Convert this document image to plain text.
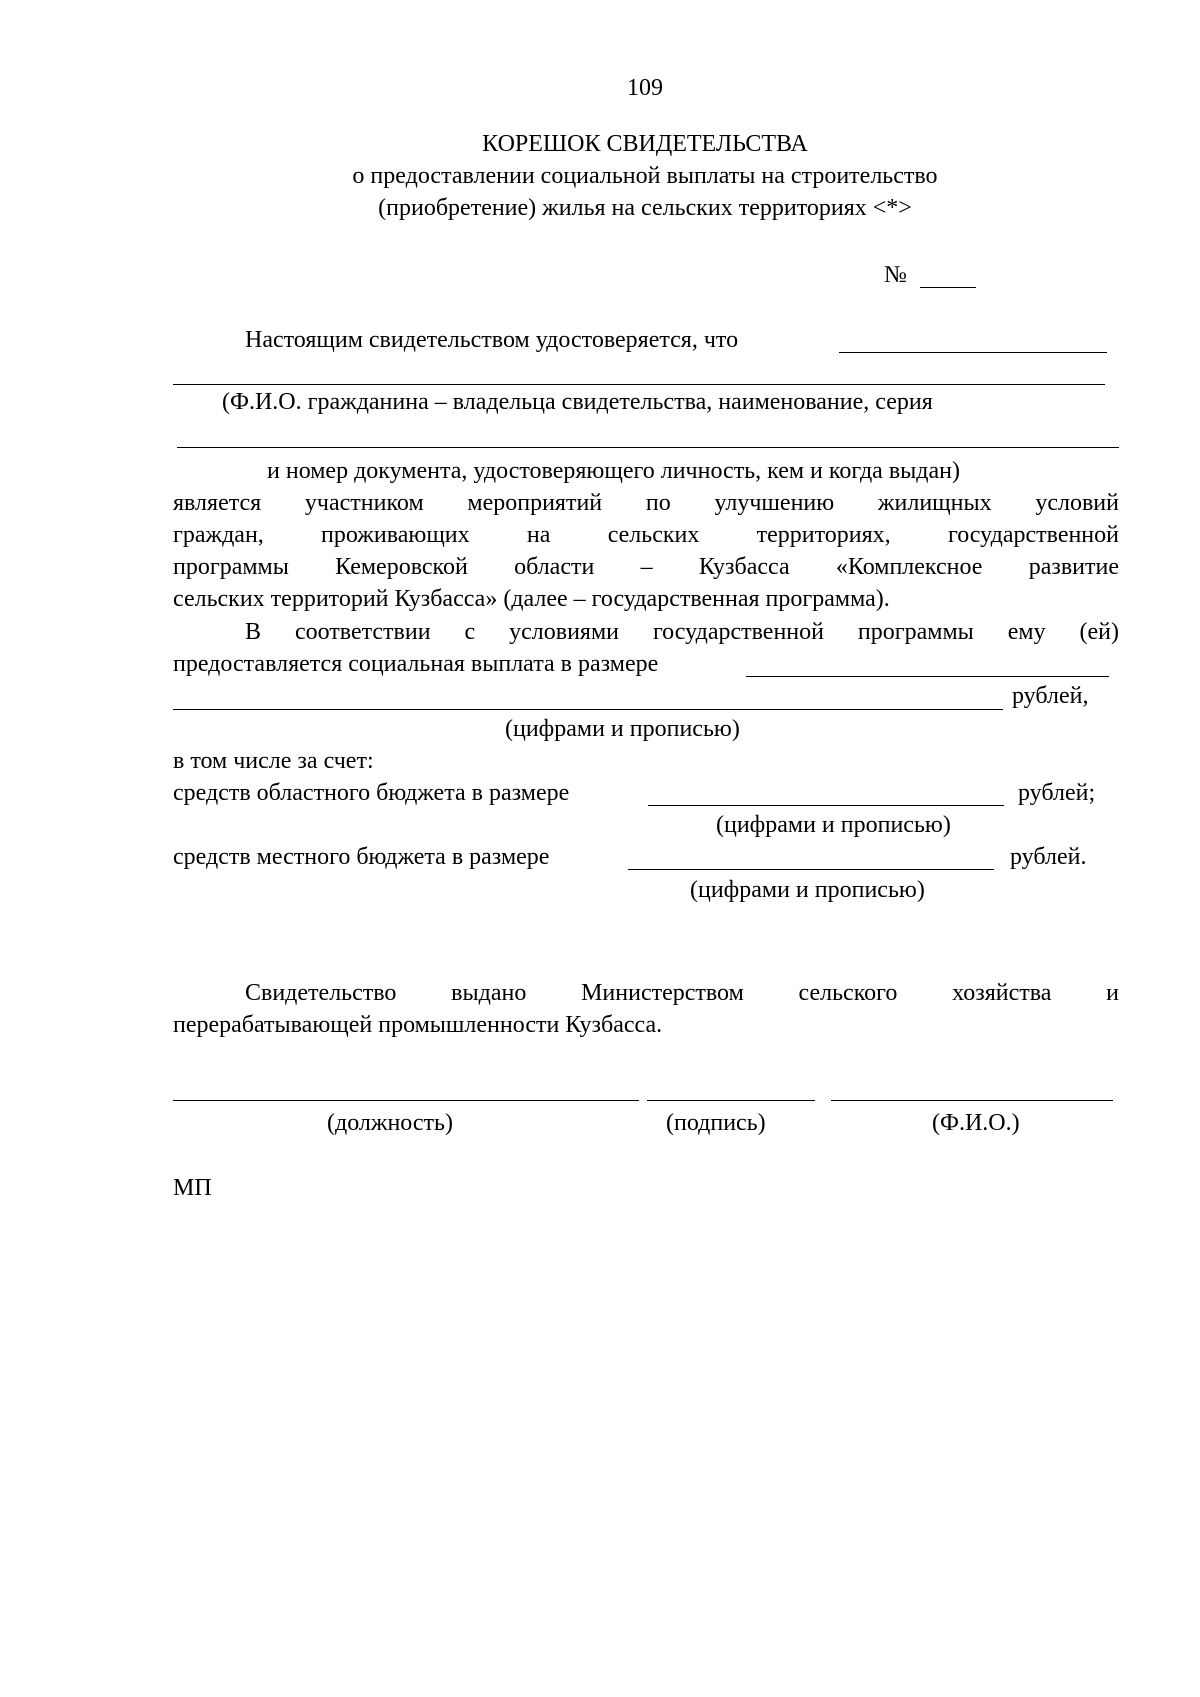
109
КОРЕШОК СВИДЕТЕЛЬСТВА
о предоставлении социальной выплаты на строительство
(приобретение) жилья на сельских территориях <*>
№
Настоящим свидетельством удостоверяется, что
(Ф.И.О. гражданина – владельца свидетельства, наименование, серия
и номер документа, удостоверяющего личность, кем и когда выдан)
является участником мероприятий по улучшению жилищных условий
граждан, проживающих на сельских территориях, государственной
программы Кемеровской области – Кузбасса «Комплексное развитие
сельских территорий Кузбасса» (далее – государственная программа).
В соответствии с условиями государственной программы ему (ей)
предоставляется социальная выплата в размере
рублей,
(цифрами и прописью)
в том числе за счет:
средств областного бюджета в размере	рублей;
(цифрами и прописью)
средств местного бюджета в размере	рублей.
(цифрами и прописью)
Свидетельство выдано Министерством сельского хозяйства и
перерабатывающей промышленности Кузбасса.
(должность)	(подпись)	(Ф.И.О.)
МП
